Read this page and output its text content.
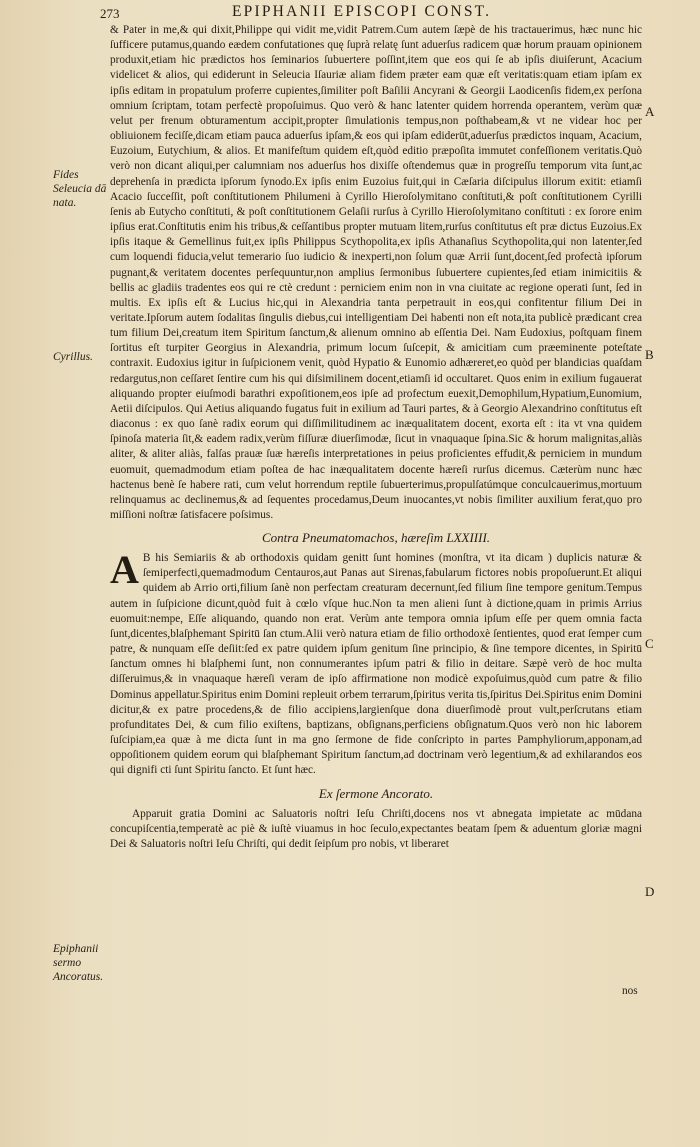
273	EPIPHANII EPISCOPI CONST.

& Pater in me,& qui dixit,Philippe qui vidit me,vidit Patrem.Cum autem ſæpè de his tractauerimus, hæc nunc hic ſufficere putamus,quando eædem confutationes quę ſuprà relatę ſunt aduerſus radicem quæ horum prauam opinionem produxit,etiam hic prædictos hos ſeminarios ſubuertere poſſint,item que eos qui ſe ab ipſis diuiſerunt, Acacium videlicet & alios, qui ediderunt in Seleucia Iſauriæ aliam fidem præter eam quæ eſt veritatis:quam etiam ipſam ex ipſis editam in propatulum proferre cupientes,ſimiliter poſt Baſilii Ancyrani & Georgii Laodicenſis fidem,ex perſona omnium ſcriptam, totam perfectè propoſuimus. Quo verò & hanc latenter quidem horrenda operantem, verùm quæ velut per frenum obturamentum accipit,propter ſimulationis tempus,non poſthabeam,& vt ne videar hoc per obliuionem feciſſe,dicam etiam pauca aduerſus ipſam,& eos qui ipſam ediderūt,aduerſus prædictos inquam, Acacium, Euzoium, Eutychium, & alios. Et manifeſtum quidem eſt,quòd editio præpoſita immutet confeſſionem veritatis.Quò verò non dicant aliqui,per calumniam nos aduerſus hos dixiſſe oſtendemus quæ in progreſſu temporum vita ſunt,ac deprehenſa in prædicta ipſorum ſynodo.Ex ipſis enim Euzoius fuit,qui in Cæſaria diſcipulus illorum exitit: etiamſi Acacio ſucceſſit, poſt conſtitutionem Philumeni à Cyrillo Hieroſolymitano conſtituti,& poſt conſtitutionem Cyrilli ſenis ab Eutycho conſtituti, & poſt conſtitutionem Gelaſii rurſus à Cyrillo Hieroſolymitano conſtituti : ex ſorore enim ipſius erat.Conſtitutis enim his tribus,& ceſſantibus propter mutuam litem,rurſus conſtitutus eſt præ dictus Euzoius.Ex ipſis itaque & Gemellinus fuit,ex ipſis Philippus Scythopolita,ex ipſis Athanaſius Scythopolita,qui non latenter,ſed cum loquendi fiducia,velut temerario ſuo iudicio & inexperti,non ſolum quæ Arrii ſunt,docent,ſed profectà ipſorum pugnant,& veritatem docentes perſequuntur,non amplius ſermonibus ſubuertere cupientes,ſed etiam inimicitiis & bellis ac gladiis tradentes eos qui re ctè credunt : perniciem enim non in vna ciuitate ac regione operati ſunt, ſed in multis. Ex ipſis eſt & Lucius hic,qui in Alexandria tanta perpetrauit in eos,qui confitentur filium Dei in veritate.Ipſorum autem ſodalitas ſingulis diebus,cui intelligentiam Dei habenti non eſt nota,ita publicè prædicant crea tum filium Dei,creatum item Spiritum ſanctum,& alienum omnino ab eſſentia Dei. Nam Eudoxius, poſtquam finem ſortitus eſt turpiter Georgius in Alexandria, primum locum ſuſcepit, & amicitiam cum præeminente poteſtate contraxit. Eudoxius igitur in ſuſpicionem venit, quòd Hypatio & Eunomio adhæreret,eo quòd per blandicias quaſdam redargutus,non ceſſaret ſentire cum his qui diſsimilinem docent,etiamſi id occultaret. Quos enim in exilium fugauerat aliquando propter eiuſmodi barathri expoſitionem,eos ipſe ad profectum euexit,Demophilum,Hypatium,Eunomium, Aetii diſcipulos. Qui Aetius aliquando fugatus fuit in exilium ad Tauri partes, & à Georgio Alexandrino conſtitutus eſt diaconus : ex quo ſanè radix eorum qui diſſimilitudinem ac inæqualitatem docent, exorta eſt : ita vt vna quidem ſpinoſa materia ſit,& eadem radix,verùm fiſſuræ diuerſimodæ, ſicut in vnaquaque ſpina.Sic & horum malignitas,aliàs aliter, & aliter aliàs, falſas prauæ ſuæ hæreſis interpretationes in peius proficientes effudit,& perniciem in mundum euomuit, quemadmodum etiam poſtea de hac inæqualitatem docente hæreſi rurſus dicemus. Cæterùm nunc hæc hactenus benè ſe habere rati, cum velut horrendum reptile ſubuerterimus,propulſatúmque conculcauerimus,mortuum relinquamus ac declinemus,& ad ſequentes procedamus,Deum inuocantes,vt nobis ſimiliter auxilium ferat,quo pro miſſioni noſtræ ſatisfacere poſsimus.

Contra Pneumatomachos, hæreſim LXXIIII.

A B his Semiariis & ab orthodoxis quidam genitt ſunt homines (monſtra, vt ita dicam ) duplicis naturæ & ſemiperfecti,quemadmodum Centauros,aut Panas aut Sirenas,fabularum fictores nobis propoſuerunt.Et aliqui quidem ab Arrio orti,filium ſanè non perfectam creaturam decernunt,ſed filium ſine tempore genitum.Tempus autem in ſuſpicione dicunt,quòd fuit à cœlo vſque huc.Non ta men alieni ſunt à dictione,quam in primis Arrius euomuit:nempe, Eſſe aliquando, quando non erat. Verùm ante tempora omnia ipſum eſſe per quem omnia facta ſunt,dicentes,blaſphemant Spiritū ſan ctum.Alii verò natura etiam de filio orthodoxè ſentientes, quod erat ſemper cum patre, & nunquam eſſe deſiit:ſed ex patre quidem ipſum genitum ſine principio, & ſine tempore dicentes, in Spiritū ſanctum omnes hi blaſphemi ſunt, non connumerantes ipſum patri & filio in deitare. Sæpè verò de hoc multa diſſeruimus,& in vnaquaque hæreſi veram de ipſo affirmatione non modicè expoſuimus,quòd cum patre & filio Dominus appellatur.Spiritus enim Domini repleuit orbem terrarum,ſpiritus verita tis,ſpiritus Dei.Spiritus enim Domini dicitur,& ex patre procedens,& de filio accipiens,largienſque dona diuerſimodè prout vult,perſcrutans etiam profunditates Dei, & cum filio exiſtens, baptizans, obſignans,perficiens obſignatum.Quos verò non hic laborem ſuſcipiam,ea quæ à me dicta ſunt in ma gno ſermone de fide conſcripto in partes Pamphyliorum,apponam,ad oppoſitionem quidem eorum qui blaſphemant Spiritum ſanctum,ad doctrinam verò legentium,& ad exhilarandos eos qui dignifi cti ſunt Spiritu ſancto. Et ſunt hæc.

Ex ſermone Ancorato.

Apparuit gratia Domini ac Saluatoris noſtri Ieſu Chriſti,docens nos vt abnegata impietate ac mūdana concupiſcentia,temperatè ac piè & iuſtè viuamus in hoc ſeculo,expectantes beatam ſpem & aduentum gloriæ magni Dei & Saluatoris noſtri Ieſu Chriſti, qui dedit ſeipſum pro nobis, vt liberaret

Fides Seleucia dā nata.
Cyrillus.
Epiphanii sermo Ancoratus.
A
B
C
D
nos
